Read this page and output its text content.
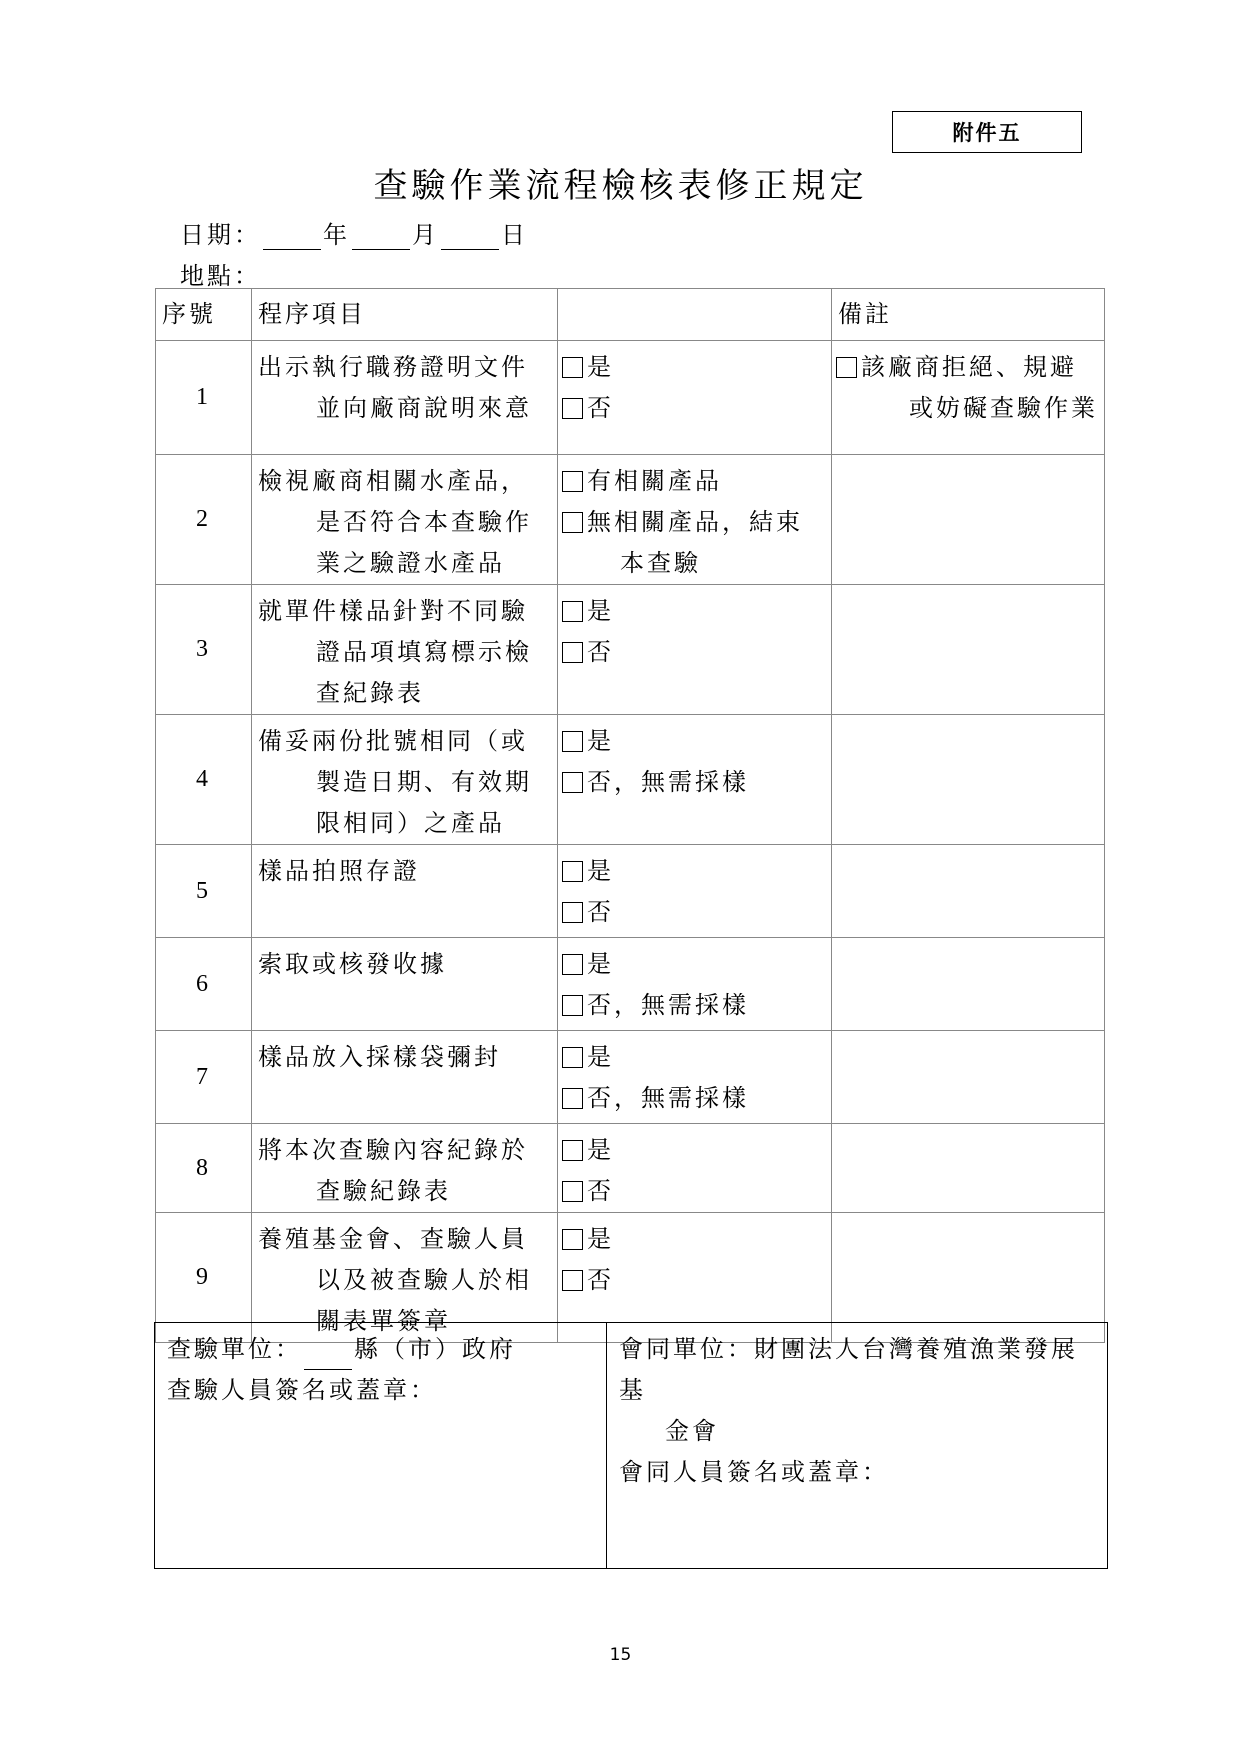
附件五
查驗作業流程檢核表修正規定
日期：	年	月	日
地點：
序號	程序項目		備註
1	出示執行職務證明文件
並向廠商說明來意	是
否	該廠商拒絕、規避
或妨礙查驗作業

2	檢視廠商相關水產品，
是否符合本查驗作業之驗證水產品	有相關產品
無相關產品，結束
本查驗	

3	就單件樣品針對不同驗
證品項填寫標示檢查紀錄表	是
否	

4	備妥兩份批號相同（或
製造日期、有效期限相同）之產品	是
否，無需採樣	

5	樣品拍照存證	是
否	

6	索取或核發收據	是
否，無需採樣	

7	樣品放入採樣袋彌封	是
否，無需採樣	

8	將本次查驗內容紀錄於
查驗紀錄表	是
否	

9	養殖基金會、查驗人員
以及被查驗人於相關表單簽章	是
否	

查驗單位： 縣（市）政府
查驗人員簽名或蓋章：

會同單位：財團法人台灣養殖漁業發展基
金會
會同人員簽名或蓋章：
15
